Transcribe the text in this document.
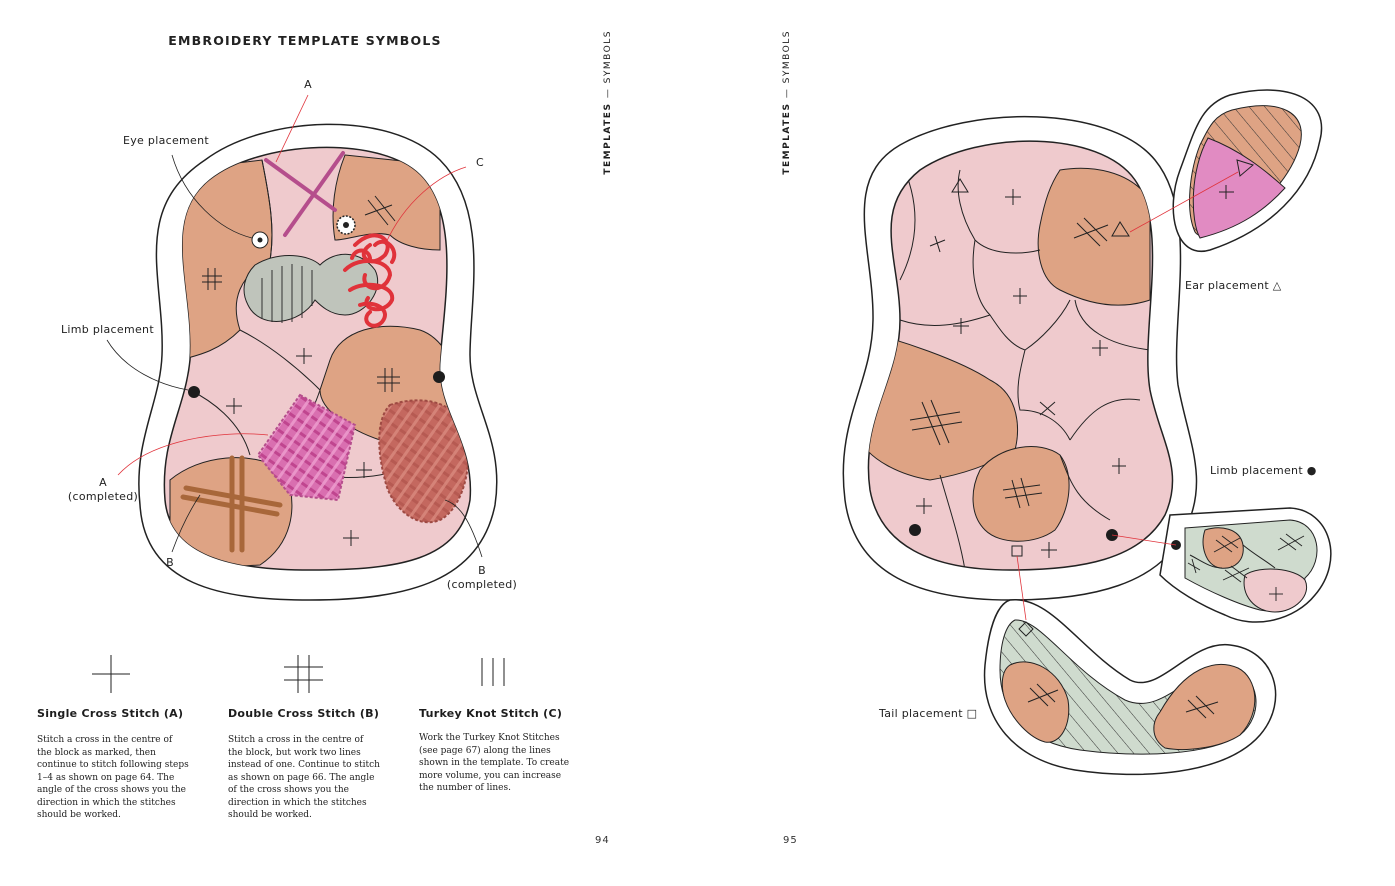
EMBROIDERY TEMPLATE SYMBOLS
A
Eye placement
C
Limb placement
A
(completed)
B
B
(completed)
Single Cross Stitch (A)
Stitch a cross in the centre of the block as marked, then continue to stitch following steps 1–4 as shown on page 64. The angle of the cross shows you the direction in which the stitches should be worked.
Double Cross Stitch (B)
Stitch a cross in the centre of the block, but work two lines instead of one. Continue to stitch as shown on page 66. The angle of the cross shows you the direction in which the stitches should be worked.
Turkey Knot Stitch (C)
Work the Turkey Knot Stitches (see page 67) along the lines shown in the template. To create more volume, you can increase the number of lines.
94
TEMPLATES — SYMBOLS
TEMPLATES — SYMBOLS
Ear placement △
Limb placement ●
Tail placement □
95
